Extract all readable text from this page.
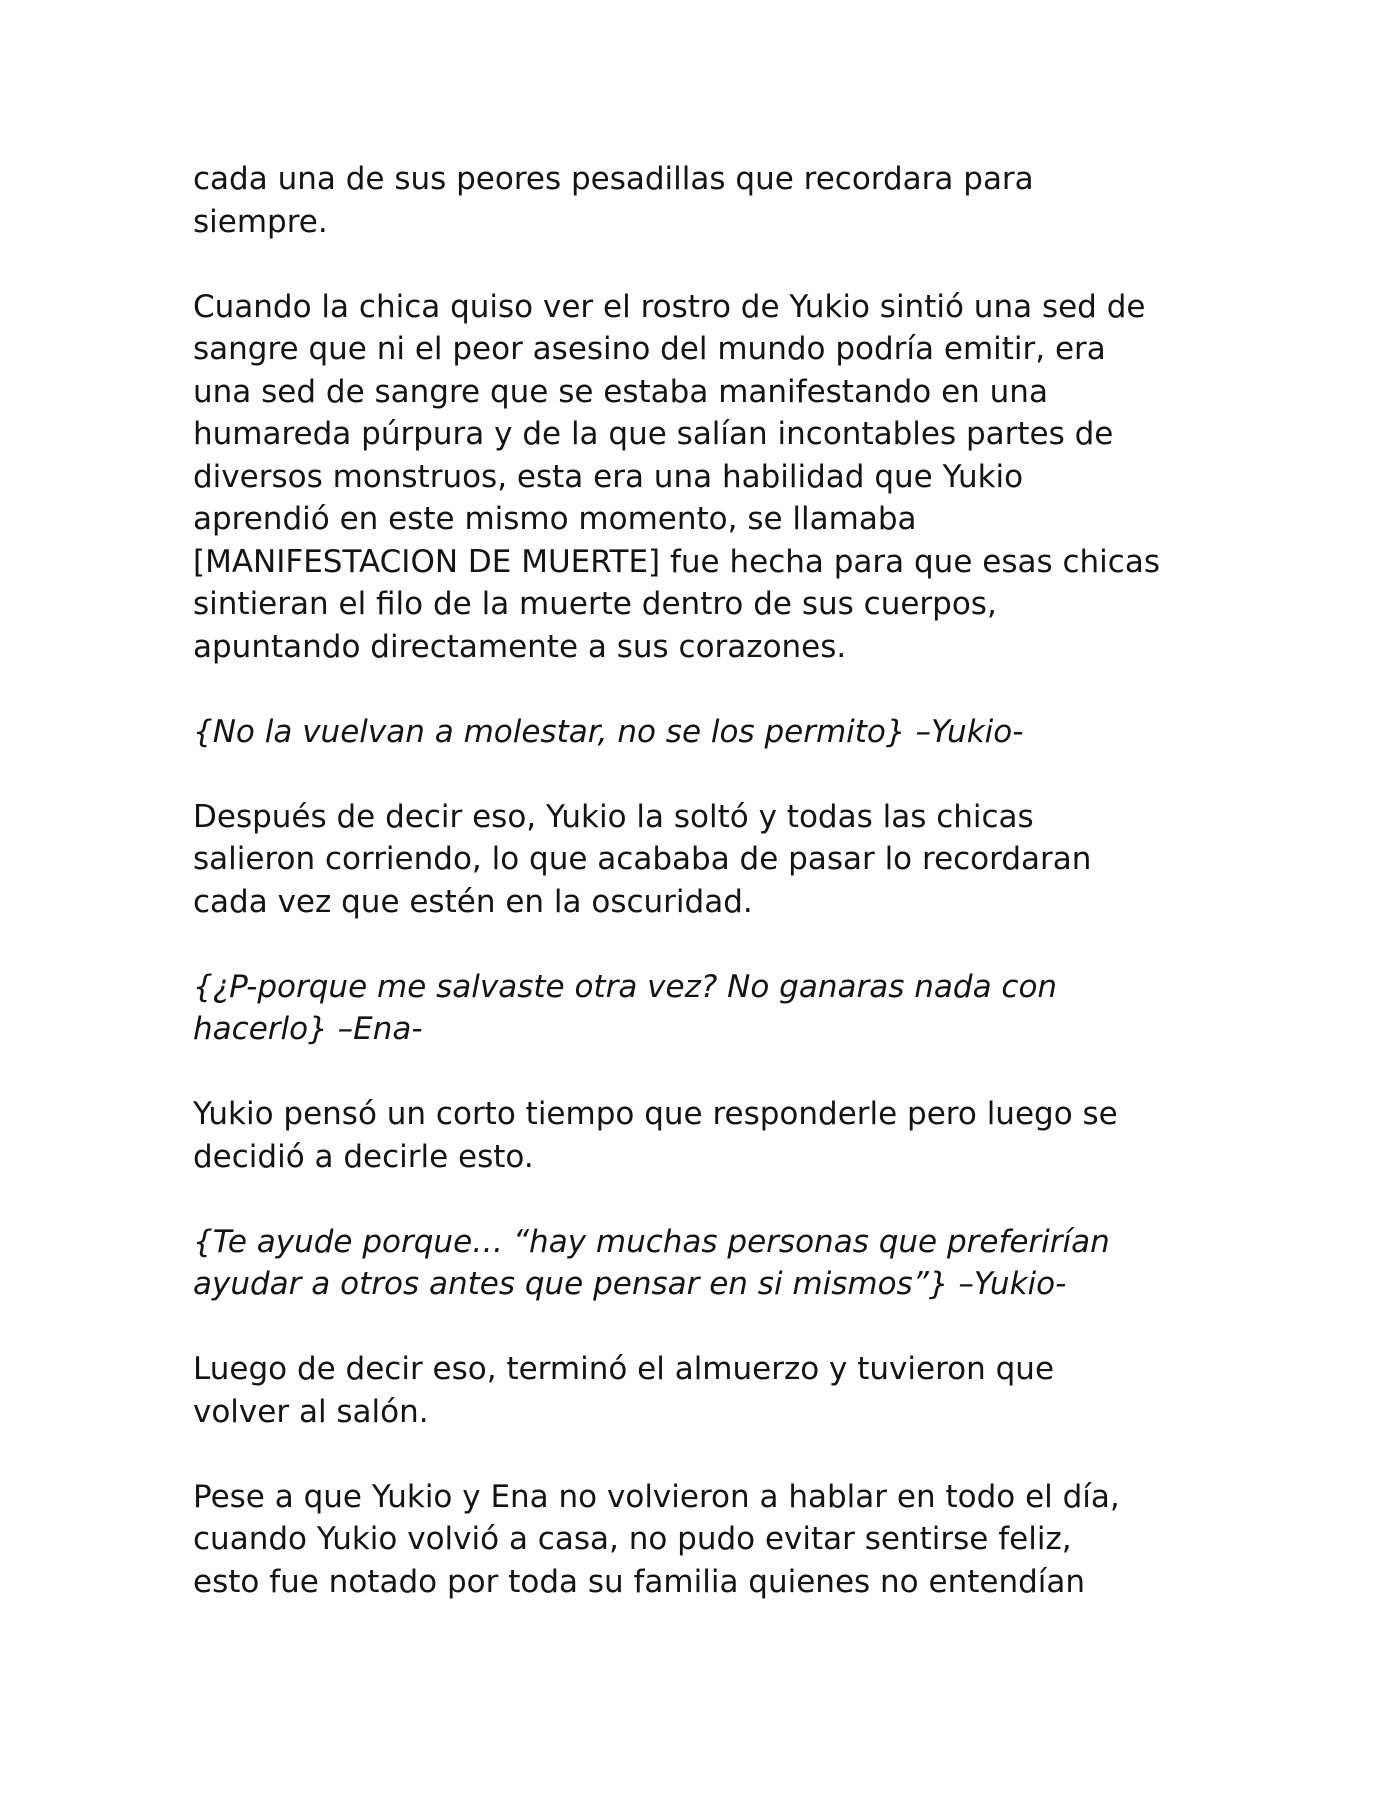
cada una de sus peores pesadillas que recordara para
siempre.

Cuando la chica quiso ver el rostro de Yukio sintió una sed de
sangre que ni el peor asesino del mundo podría emitir, era
una sed de sangre que se estaba manifestando en una
humareda púrpura y de la que salían incontables partes de
diversos monstruos, esta era una habilidad que Yukio
aprendió en este mismo momento, se llamaba
[MANIFESTACION DE MUERTE] fue hecha para que esas chicas
sintieran el filo de la muerte dentro de sus cuerpos,
apuntando directamente a sus corazones.

{No la vuelvan a molestar, no se los permito} –Yukio-

Después de decir eso, Yukio la soltó y todas las chicas
salieron corriendo, lo que acababa de pasar lo recordaran
cada vez que estén en la oscuridad.

{¿P-porque me salvaste otra vez? No ganaras nada con
hacerlo} –Ena-

Yukio pensó un corto tiempo que responderle pero luego se
decidió a decirle esto.

{Te ayude porque… “hay muchas personas que preferirían
ayudar a otros antes que pensar en si mismos”} –Yukio-

Luego de decir eso, terminó el almuerzo y tuvieron que
volver al salón.

Pese a que Yukio y Ena no volvieron a hablar en todo el día,
cuando Yukio volvió a casa, no pudo evitar sentirse feliz,
esto fue notado por toda su familia quienes no entendían
